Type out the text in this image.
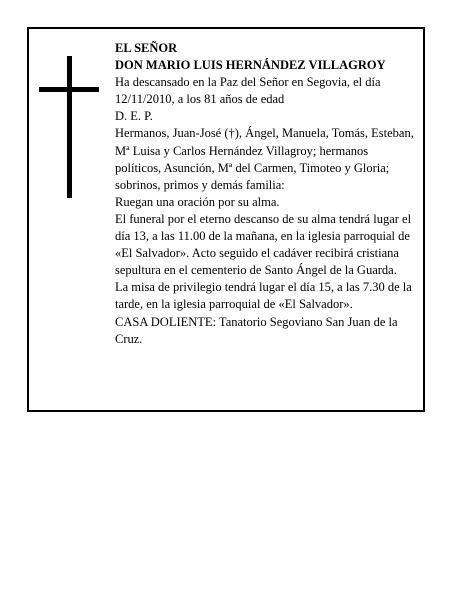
EL SEÑOR

DON MARIO LUIS HERNÁNDEZ VILLAGROY

Ha descansado en la Paz del Señor en Segovia, el día 12/11/2010, a los 81 años de edad

D. E. P.

Hermanos, Juan-José (†), Ángel, Manuela, Tomás, Esteban, Mª Luisa y Carlos Hernández Villagroy; hermanos políticos, Asunción, Mª del Carmen, Timoteo y Gloria; sobrinos, primos y demás familia:

Ruegan una oración por su alma.

El funeral por el eterno descanso de su alma tendrá lugar el día 13, a las 11.00 de la mañana, en la iglesia parroquial de «El Salvador». Acto seguido el cadáver recibirá cristiana sepultura en el cementerio de Santo Ángel de la Guarda.

La misa de privilegio tendrá lugar el día 15, a las 7.30 de la tarde, en la iglesia parroquial de «El Salvador».

CASA DOLIENTE: Tanatorio Segoviano San Juan de la Cruz.
